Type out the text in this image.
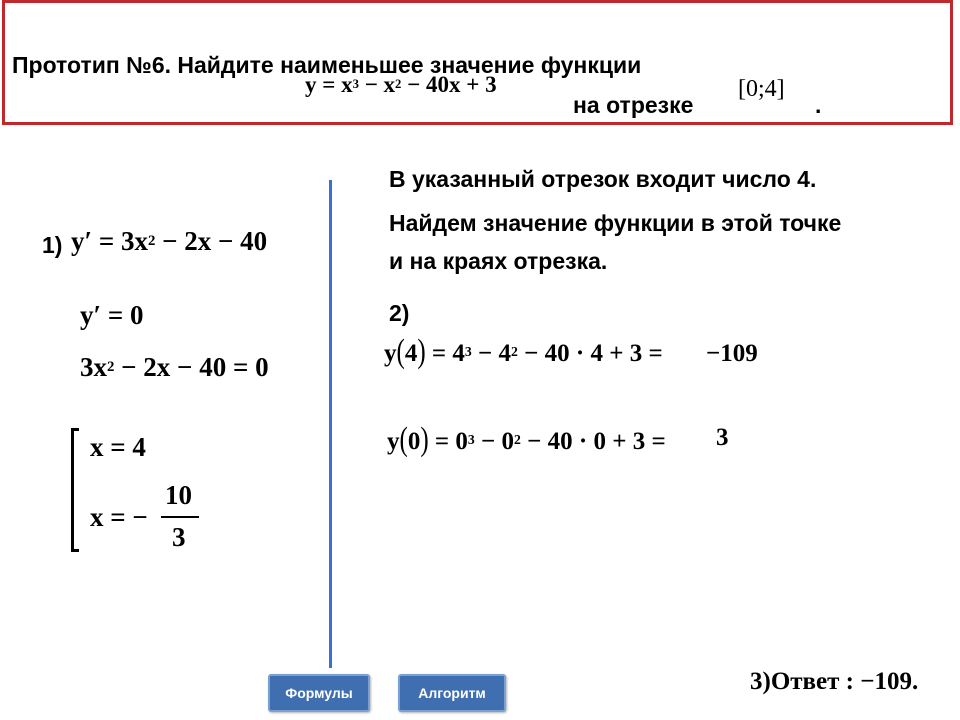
Прототип №6. Найдите наименьшее значение функции
$y = x^3 - x^2 - 40x + 3$
на отрезке
[0;4]
.
1) $y' = 3x^2 - 2x - 40$
y′ = 0
$3x^2 - 2x - 40 = 0$
x = 4
x = −
10
3
В указанный отрезок входит число 4.
Найдем значение функции в этой точке
и на краях отрезка.
2)
$y(4) = 4^3 - 4^2 - 40 \cdot 4 + 3 = -109$
$y(0) = 0^3 - 0^2 - 40 \cdot 0 + 3 = 3$
3)Ответ : −109.
Формулы	Алгоритм
